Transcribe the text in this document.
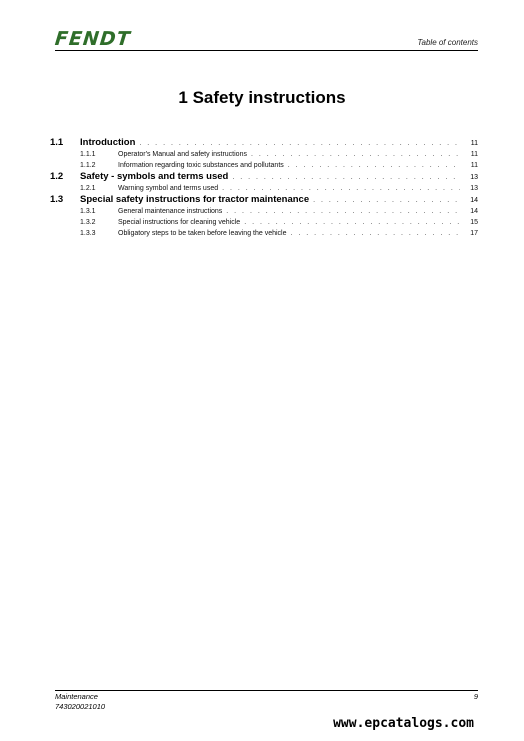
FENDT	Table of contents
1 Safety instructions
1.1	Introduction . . .	11
1.1.1	Operator's Manual and safety instructions . . .	11
1.1.2	Information regarding toxic substances and pollutants . . .	11
1.2	Safety - symbols and terms used . . .	13
1.2.1	Warning symbol and terms used . . .	13
1.3	Special safety instructions for tractor maintenance . . .	14
1.3.1	General maintenance instructions . . .	14
1.3.2	Special instructions for cleaning vehicle . . .	15
1.3.3	Obligatory steps to be taken before leaving the vehicle . . .	17
Maintenance
743020021010
9
www.epcatalogs.com
